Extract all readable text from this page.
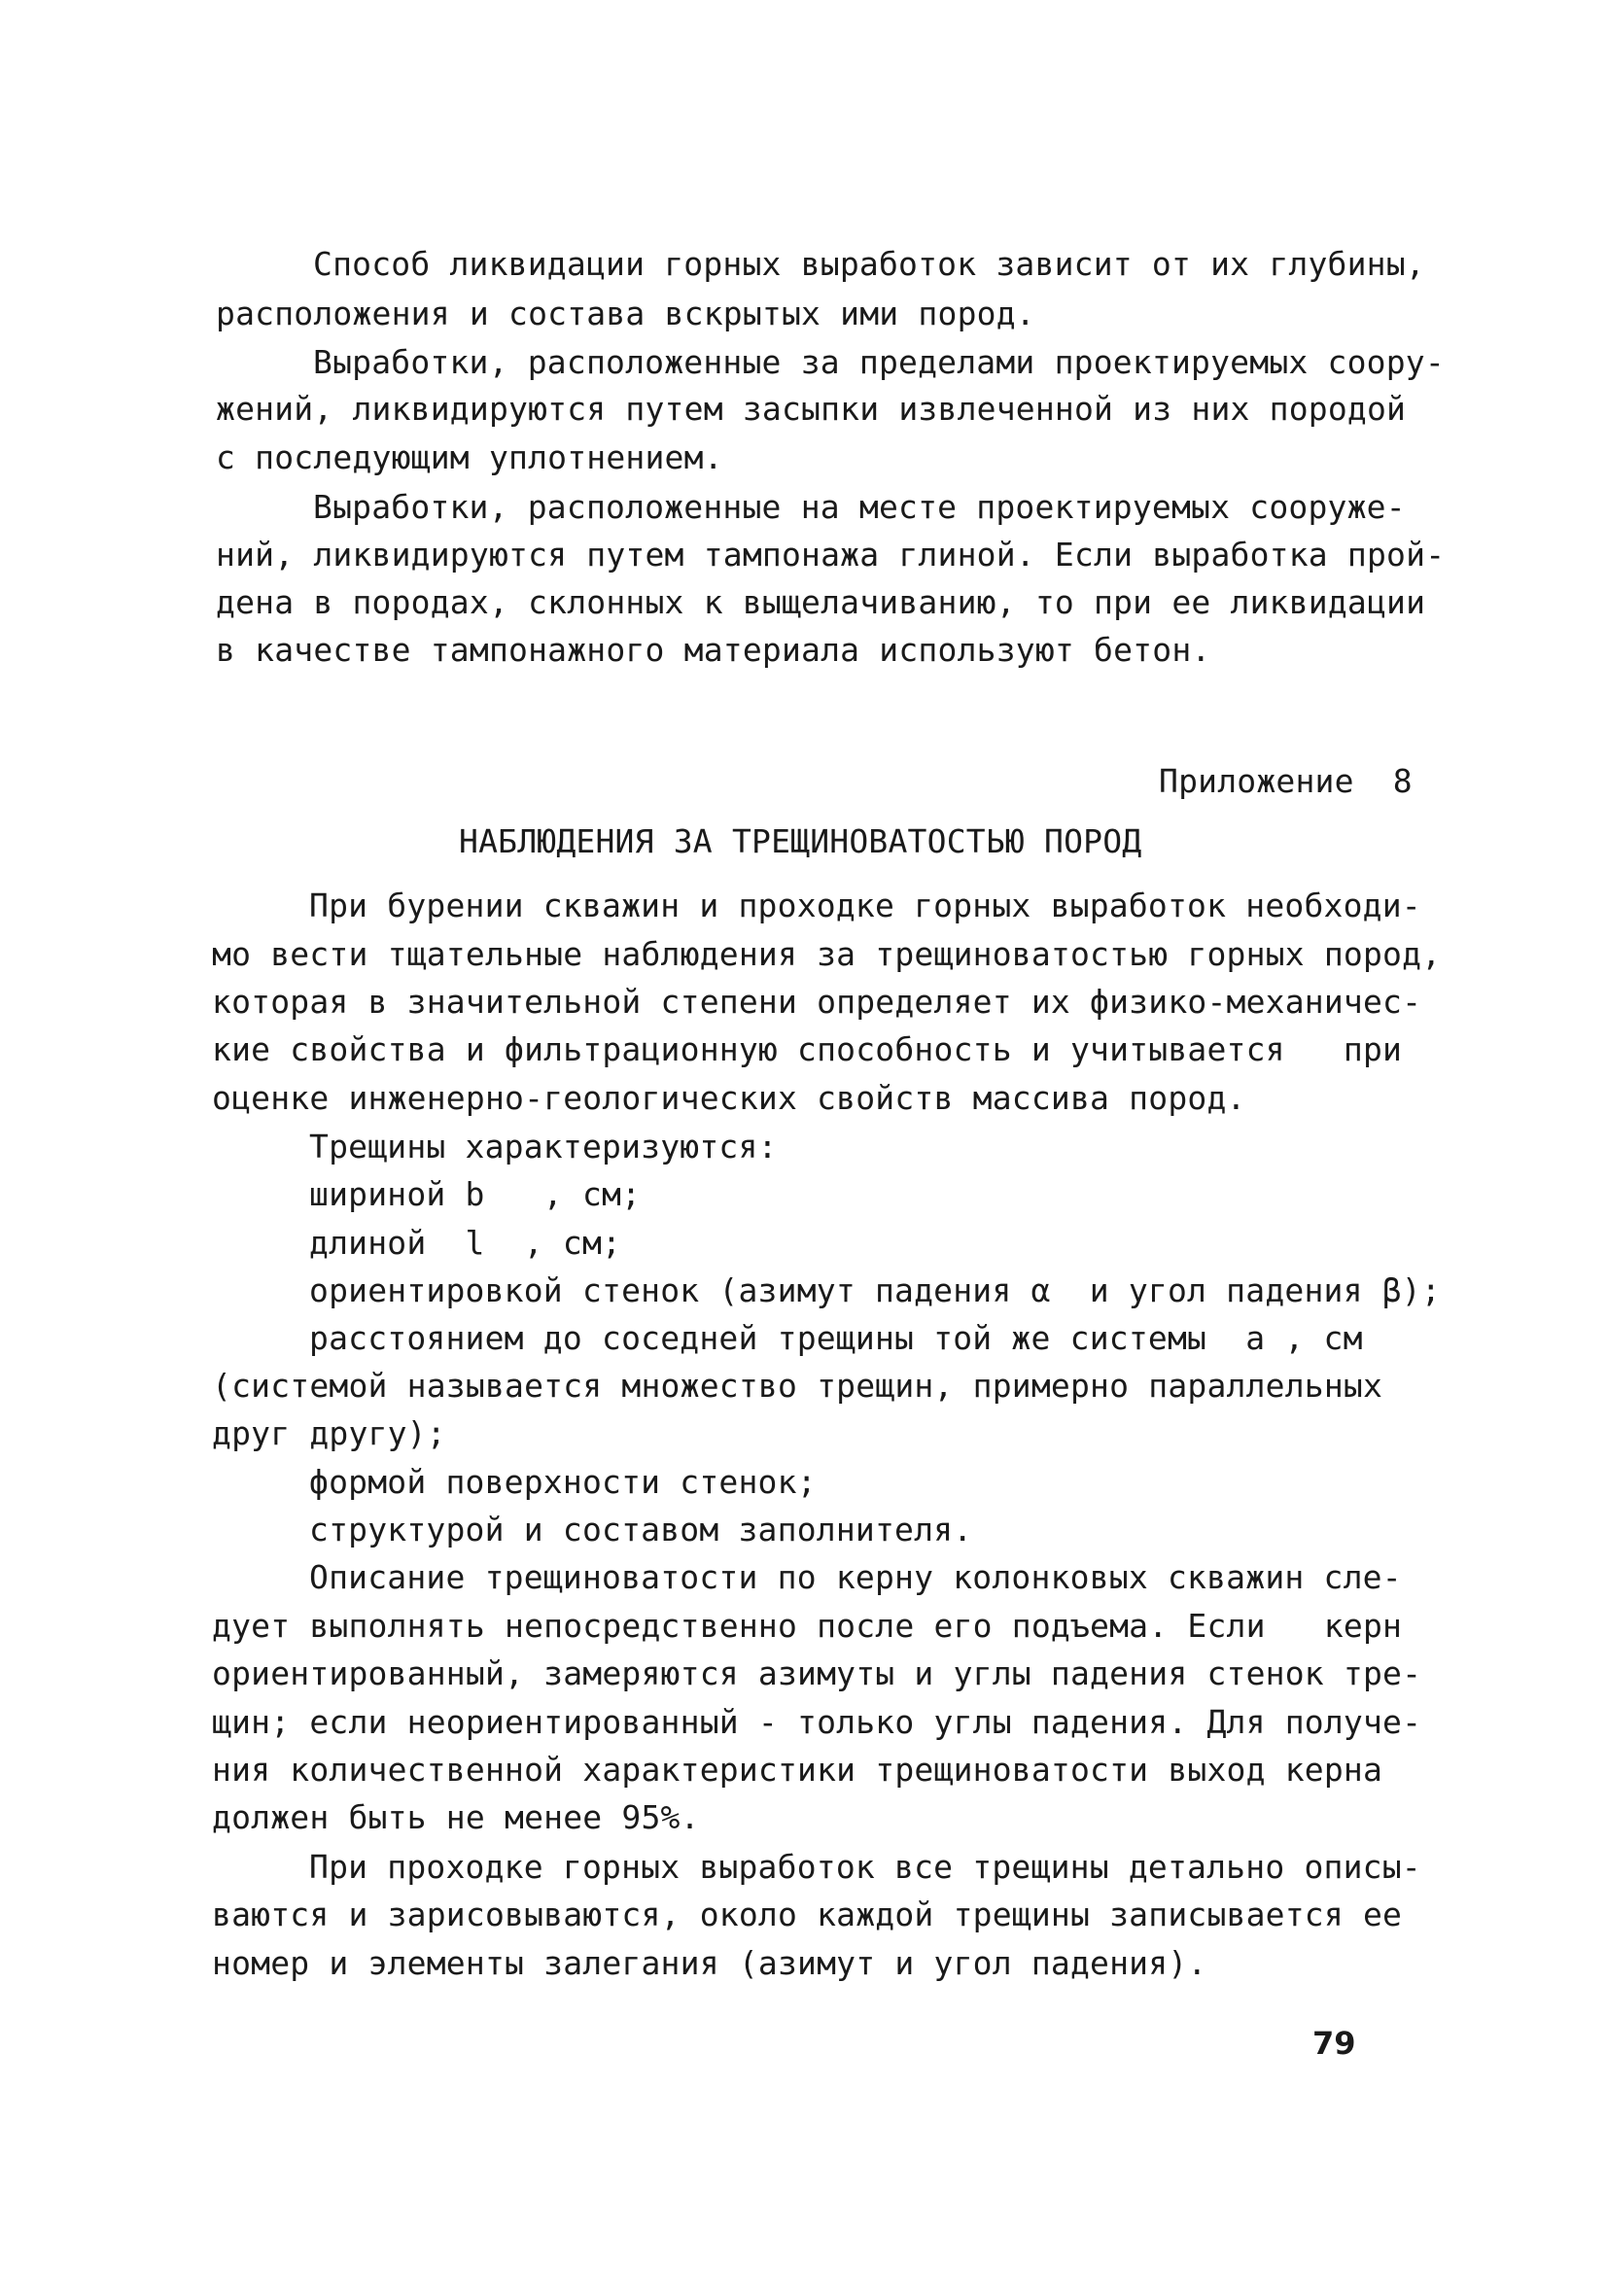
Способ ликвидации горных выработок зависит от их глубины,
расположения и состава вскрытых ими пород.
Выработки, расположенные за пределами проектируемых соору-
жений, ликвидируются путем засыпки извлеченной из них породой
с последующим уплотнением.
Выработки, расположенные на месте проектируемых сооруже-
ний, ликвидируются путем тампонажа глиной. Если выработка прой-
дена в породах, склонных к выщелачиванию, то при ее ликвидации
в качестве тампонажного материала используют бетон.
Приложение  8
НАБЛЮДЕНИЯ ЗА ТРЕЩИНОВАТОСТЬЮ ПОРОД
При бурении скважин и проходке горных выработок необходи-
мо вести тщательные наблюдения за трещиноватостью горных пород,
которая в значительной степени определяет их физико-механичес-
кие свойства и фильтрационную способность и учитывается   при
оценке инженерно-геологических свойств массива пород.
Трещины характеризуются:
шириной b   , см;
длиной  l  , см;
ориентировкой стенок (азимут падения α  и угол падения β);
расстоянием до соседней трещины той же системы  a , см
(системой называется множество трещин, примерно параллельных
друг другу);
формой поверхности стенок;
структурой и составом заполнителя.
Описание трещиноватости по керну колонковых скважин сле-
дует выполнять непосредственно после его подъема. Если   керн
ориентированный, замеряются азимуты и углы падения стенок тре-
щин; если неориентированный - только углы падения. Для получе-
ния количественной характеристики трещиноватости выход керна
должен быть не менее 95%.
При проходке горных выработок все трещины детально описы-
ваются и зарисовываются, около каждой трещины записывается ее
номер и элементы залегания (азимут и угол падения).
79
